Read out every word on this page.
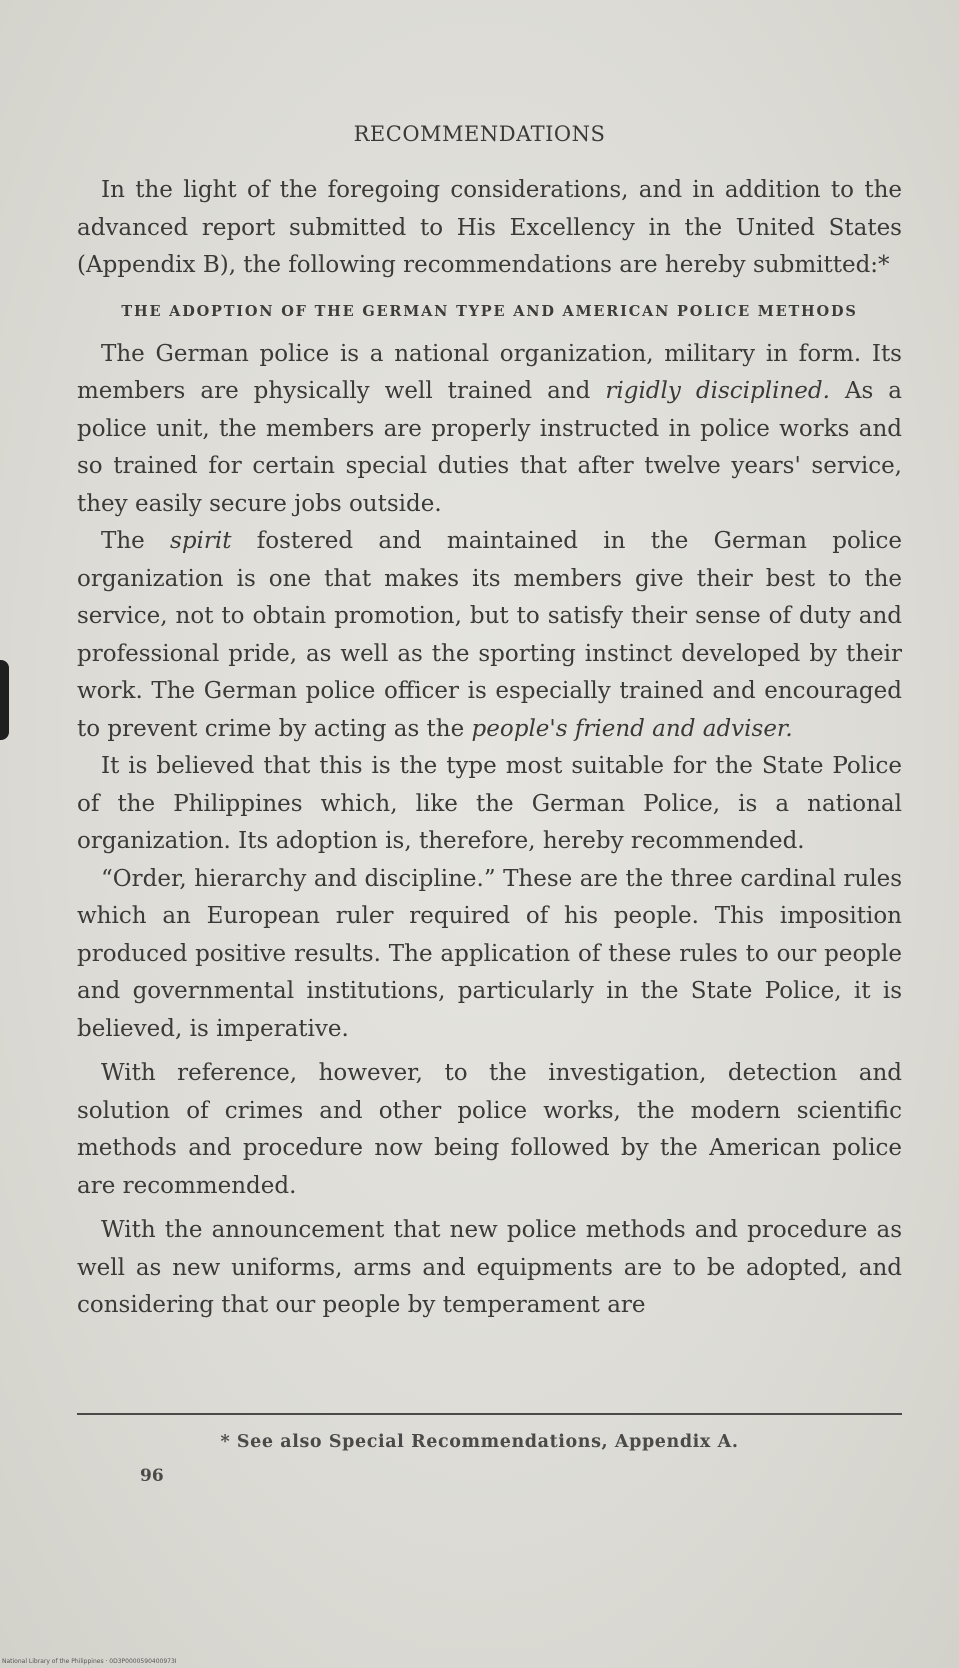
RECOMMENDATIONS

In the light of the foregoing considerations, and in addition to the advanced report submitted to His Excellency in the United States (Appendix B), the following recommendations are hereby submitted:*

THE ADOPTION OF THE GERMAN TYPE AND AMERICAN POLICE METHODS

The German police is a national organization, military in form. Its members are physically well trained and rigidly disciplined. As a police unit, the members are properly instructed in police works and so trained for certain special duties that after twelve years' service, they easily secure jobs outside.

The spirit fostered and maintained in the German police organization is one that makes its members give their best to the service, not to obtain promotion, but to satisfy their sense of duty and professional pride, as well as the sporting instinct developed by their work. The German police officer is especially trained and encouraged to prevent crime by acting as the people's friend and adviser.

It is believed that this is the type most suitable for the State Police of the Philippines which, like the German Police, is a national organization. Its adoption is, therefore, hereby recommended.

“Order, hierarchy and discipline.” These are the three cardinal rules which an European ruler required of his people. This imposition produced positive results. The application of these rules to our people and governmental institutions, particularly in the State Police, it is believed, is imperative.

With reference, however, to the investigation, detection and solution of crimes and other police works, the modern scientific methods and procedure now being followed by the American police are recommended.

With the announcement that new police methods and procedure as well as new uniforms, arms and equipments are to be adopted, and considering that our people by temperament are

* See also Special Recommendations, Appendix A.
96
National Library of the Philippines · 0D3P0000590400973I
